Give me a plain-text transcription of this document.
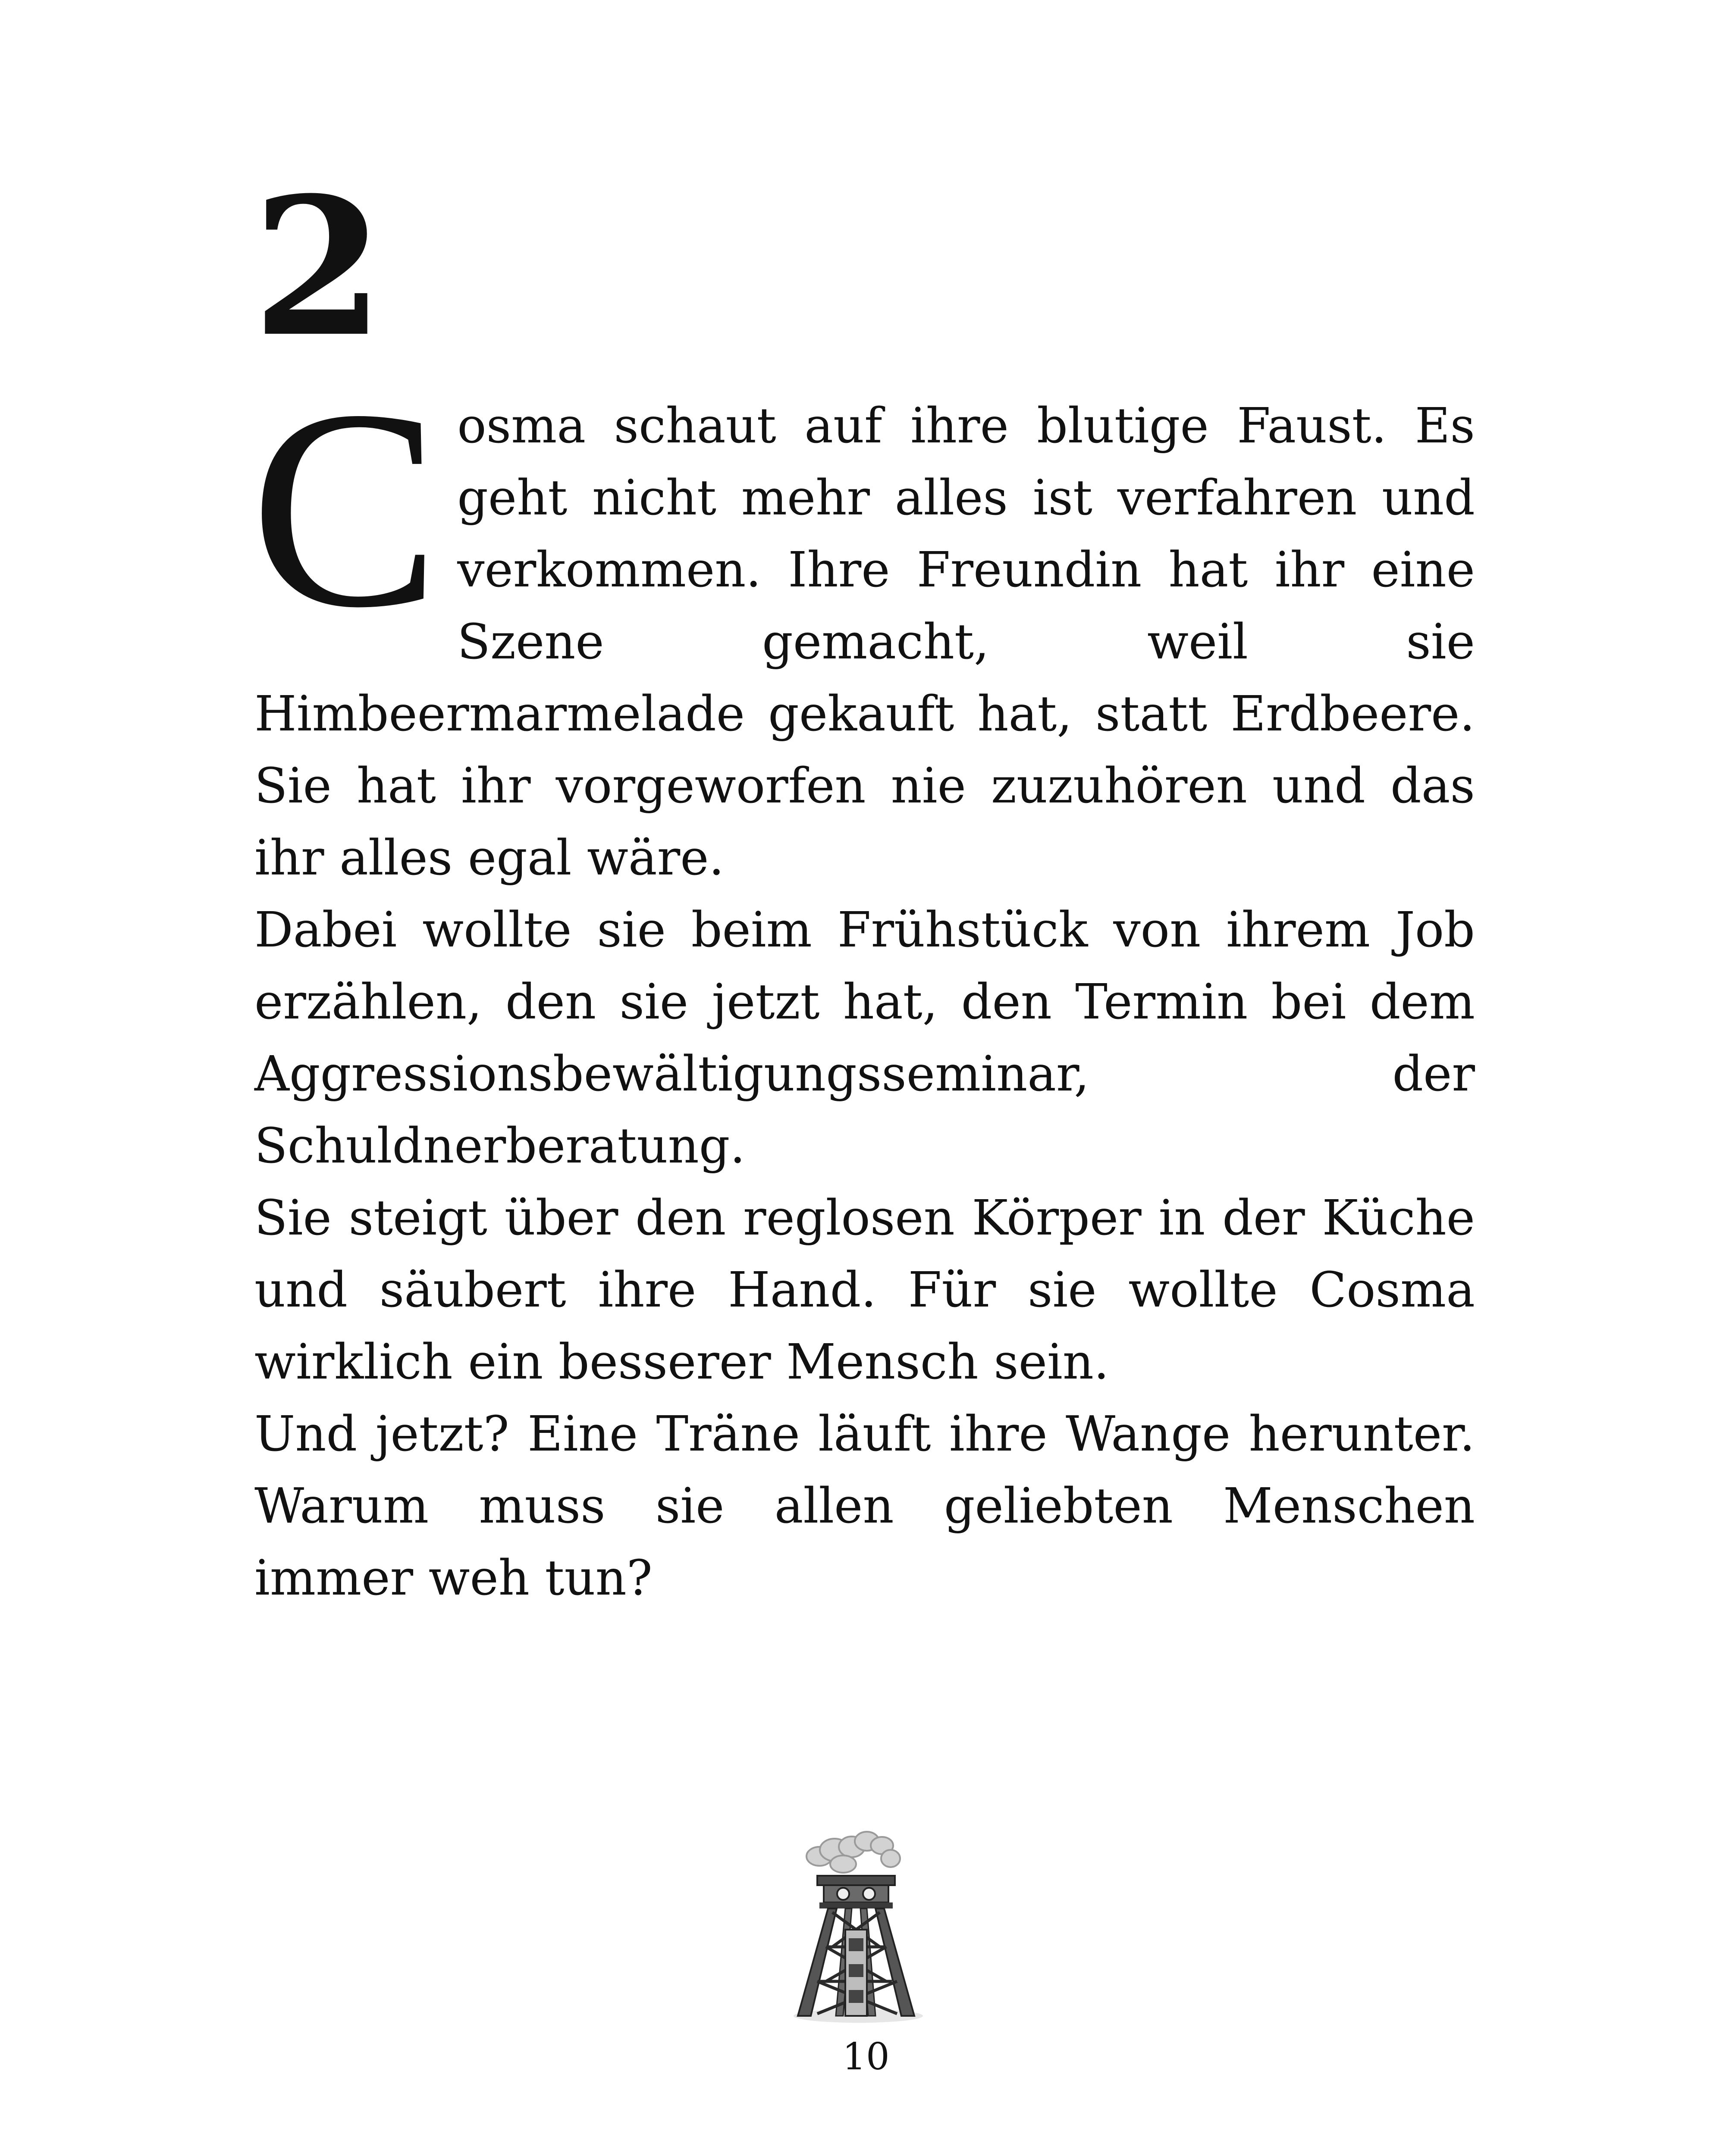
2

Cosma schaut auf ihre blutige Faust. Es geht nicht mehr alles ist verfahren und verkommen. Ihre Freundin hat ihr eine Szene gemacht, weil sie Himbeermarmelade gekauft hat, statt Erdbeere. Sie hat ihr vorgeworfen nie zuzuhören und das ihr alles egal wäre.

Dabei wollte sie beim Frühstück von ihrem Job erzählen, den sie jetzt hat, den Termin bei dem Aggressionsbewältigungsseminar, der Schuldnerberatung.

Sie steigt über den reglosen Körper in der Küche und säubert ihre Hand. Für sie wollte Cosma wirklich ein besserer Mensch sein.

Und jetzt? Eine Träne läuft ihre Wange herunter. Warum muss sie allen geliebten Menschen immer weh tun?

10
